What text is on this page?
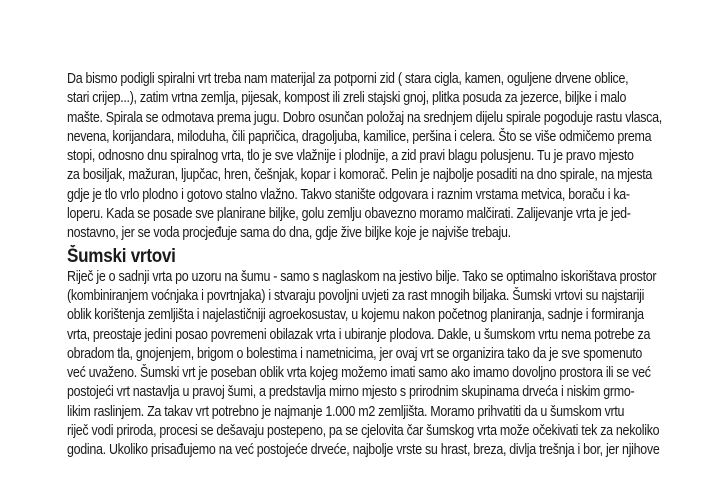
Da bismo podigli spiralni vrt treba nam materijal za potporni zid ( stara cigla, kamen, oguljene drvene oblice,
stari crijep...), zatim vrtna zemlja, pijesak, kompost ili zreli stajski gnoj, plitka posuda za jezerce, biljke i malo
mašte. Spirala se odmotava prema jugu. Dobro osunčan položaj na srednjem dijelu spirale pogoduje rastu vlasca,
nevena, korijandara, miloduha, čili papričica, dragoljuba, kamilice, peršina i celera. Što se više odmičemo prema
stopi, odnosno dnu spiralnog vrta, tlo je sve vlažnije i plodnije, a zid pravi blagu polusjenu. Tu je pravo mjesto
za bosiljak, mažuran, ljupčac, hren, češnjak, kopar i komorač. Pelin je najbolje posaditi na dno spirale, na mjesta
gdje je tlo vrlo plodno i gotovo stalno vlažno. Takvo stanište odgovara i raznim vrstama metvica, boraču i ka-
loperu. Kada se posade sve planirane biljke, golu zemlju obavezno moramo malčirati. Zalijevanje vrta je jed-
nostavno, jer se voda procjeđuje sama do dna, gdje žive biljke koje je najviše trebaju.

Šumski vrtovi

Riječ je o sadnji vrta po uzoru na šumu - samo s naglaskom na jestivo bilje. Tako se optimalno iskorištava prostor
(kombiniranjem voćnjaka i povrtnjaka) i stvaraju povoljni uvjeti za rast mnogih biljaka. Šumski vrtovi su najstariji
oblik korištenja zemljišta i najelastičniji agroekosustav, u kojemu nakon početnog planiranja, sadnje i formiranja
vrta, preostaje jedini posao povremeni obilazak vrta i ubiranje plodova. Dakle, u šumskom vrtu nema potrebe za
obradom tla, gnojenjem, brigom o bolestima i nametnicima, jer ovaj vrt se organizira tako da je sve spomenuto
već uvaženo. Šumski vrt je poseban oblik vrta kojeg možemo imati samo ako imamo dovoljno prostora ili se već
postojeći vrt nastavlja u pravoj šumi, a predstavlja mirno mjesto s prirodnim skupinama drveća i niskim grmo-
likim raslinjem. Za takav vrt potrebno je najmanje 1.000 m2 zemljišta. Moramo prihvatiti da u šumskom vrtu
riječ vodi priroda, procesi se dešavaju postepeno, pa se cjelovita čar šumskog vrta može očekivati tek za nekoliko
godina. Ukoliko prisađujemo na već postojeće drveće, najbolje vrste su hrast, breza, divlja trešnja i bor, jer njihove
